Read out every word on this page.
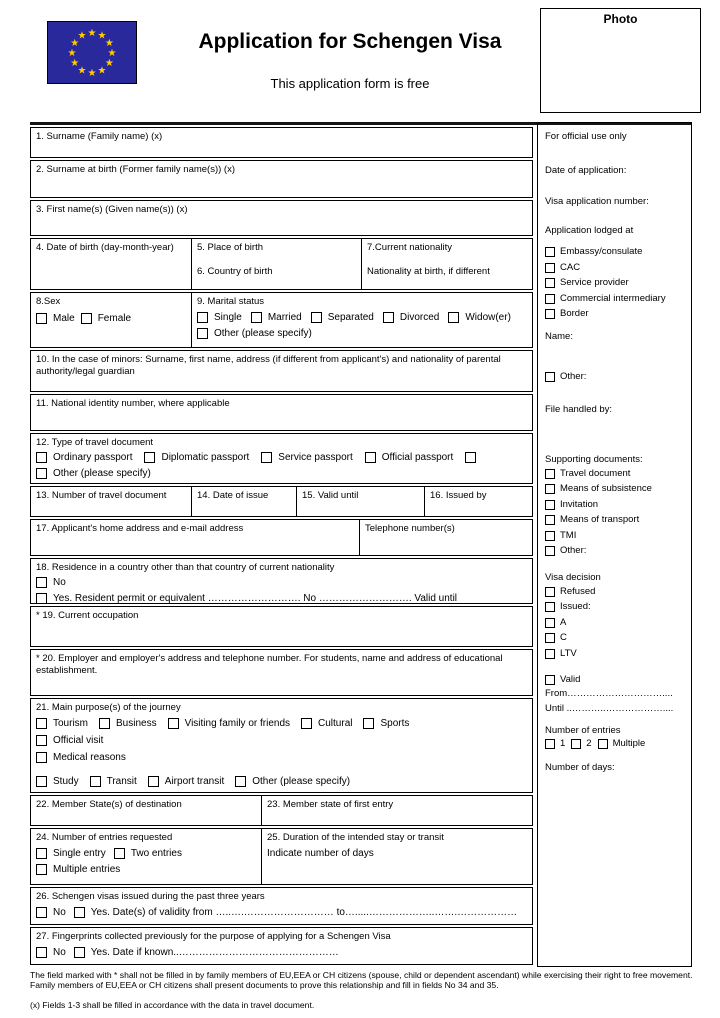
★ ★
★
★
★
★
★
★
★
★
★
★	Application for Schengen Visa
This application form is free
Photo
1. Surname (Family name) (x)
2. Surname at birth (Former family name(s)) (x)
3. First name(s) (Given name(s)) (x)
4. Date of birth (day-month-year)	5. Place of birth
6. Country of birth
7.Current nationality
Nationality at birth, if different
8.Sex
Male Female
9. Marital status
Single	Married	Separated	Divorced	Widow(er)
Other (please specify)
10. In the case of minors: Surname, first name, address (if different from applicant's) and nationality of parental authority/legal guardian
11. National identity number, where applicable
12. Type of travel document
Ordinary passport	Diplomatic passport	Service passport	Official passport
Other (please specify)
13. Number of travel document	14. Date of issue	15. Valid until	16. Issued by
17. Applicant's home address and e-mail address	Telephone number(s)
18. Residence in a country other than that country of current nationality
No
Yes. Resident permit or equivalent ………………………. No ………………………. Valid until
* 19. Current occupation
* 20. Employer and employer's address and telephone number. For students, name and address of educational establishment.
21. Main purpose(s) of the journey
Tourism	Business	Visiting family or friends	Cultural	Sports
Official visit
Medical reasons
Study	Transit	Airport transit	Other (please specify)
22. Member State(s) of destination	23. Member state of first entry
24. Number of entries requested
Single entry	Two entries
Multiple entries
25. Duration of the intended stay or transit
Indicate number of days
26. Schengen visas issued during the past three years
No	Yes. Date(s) of validity from …..….……………………… to….....………………..…….………………
27. Fingerprints collected previously for the purpose of applying for a Schengen Visa
No	Yes. Date if known..…………………………………………
For official use only
Date of application:
Visa application number:
Application lodged at
Embassy/consulate
CAC
Service provider
Commercial intermediary
Border
Name:
Other:
File handled by:
Supporting documents:
Travel document
Means of subsistence
Invitation
Means of transport
TMI
Other:
Visa decision
Refused
Issued:
A
C
LTV
Valid
From…………………………....
Until ..………..………………....
Number of entries
1 2 Multiple
Number of days:
The field marked with * shall not be filled in by family members of EU,EEA or CH citizens (spouse, child or dependent ascendant) while exercising their right to free movement. Family members of EU,EEA or CH citizens shall present documents to prove this relationship and fill in fields No 34 and 35.
(x) Fields 1-3 shall be filled in accordance with the data in travel document.
